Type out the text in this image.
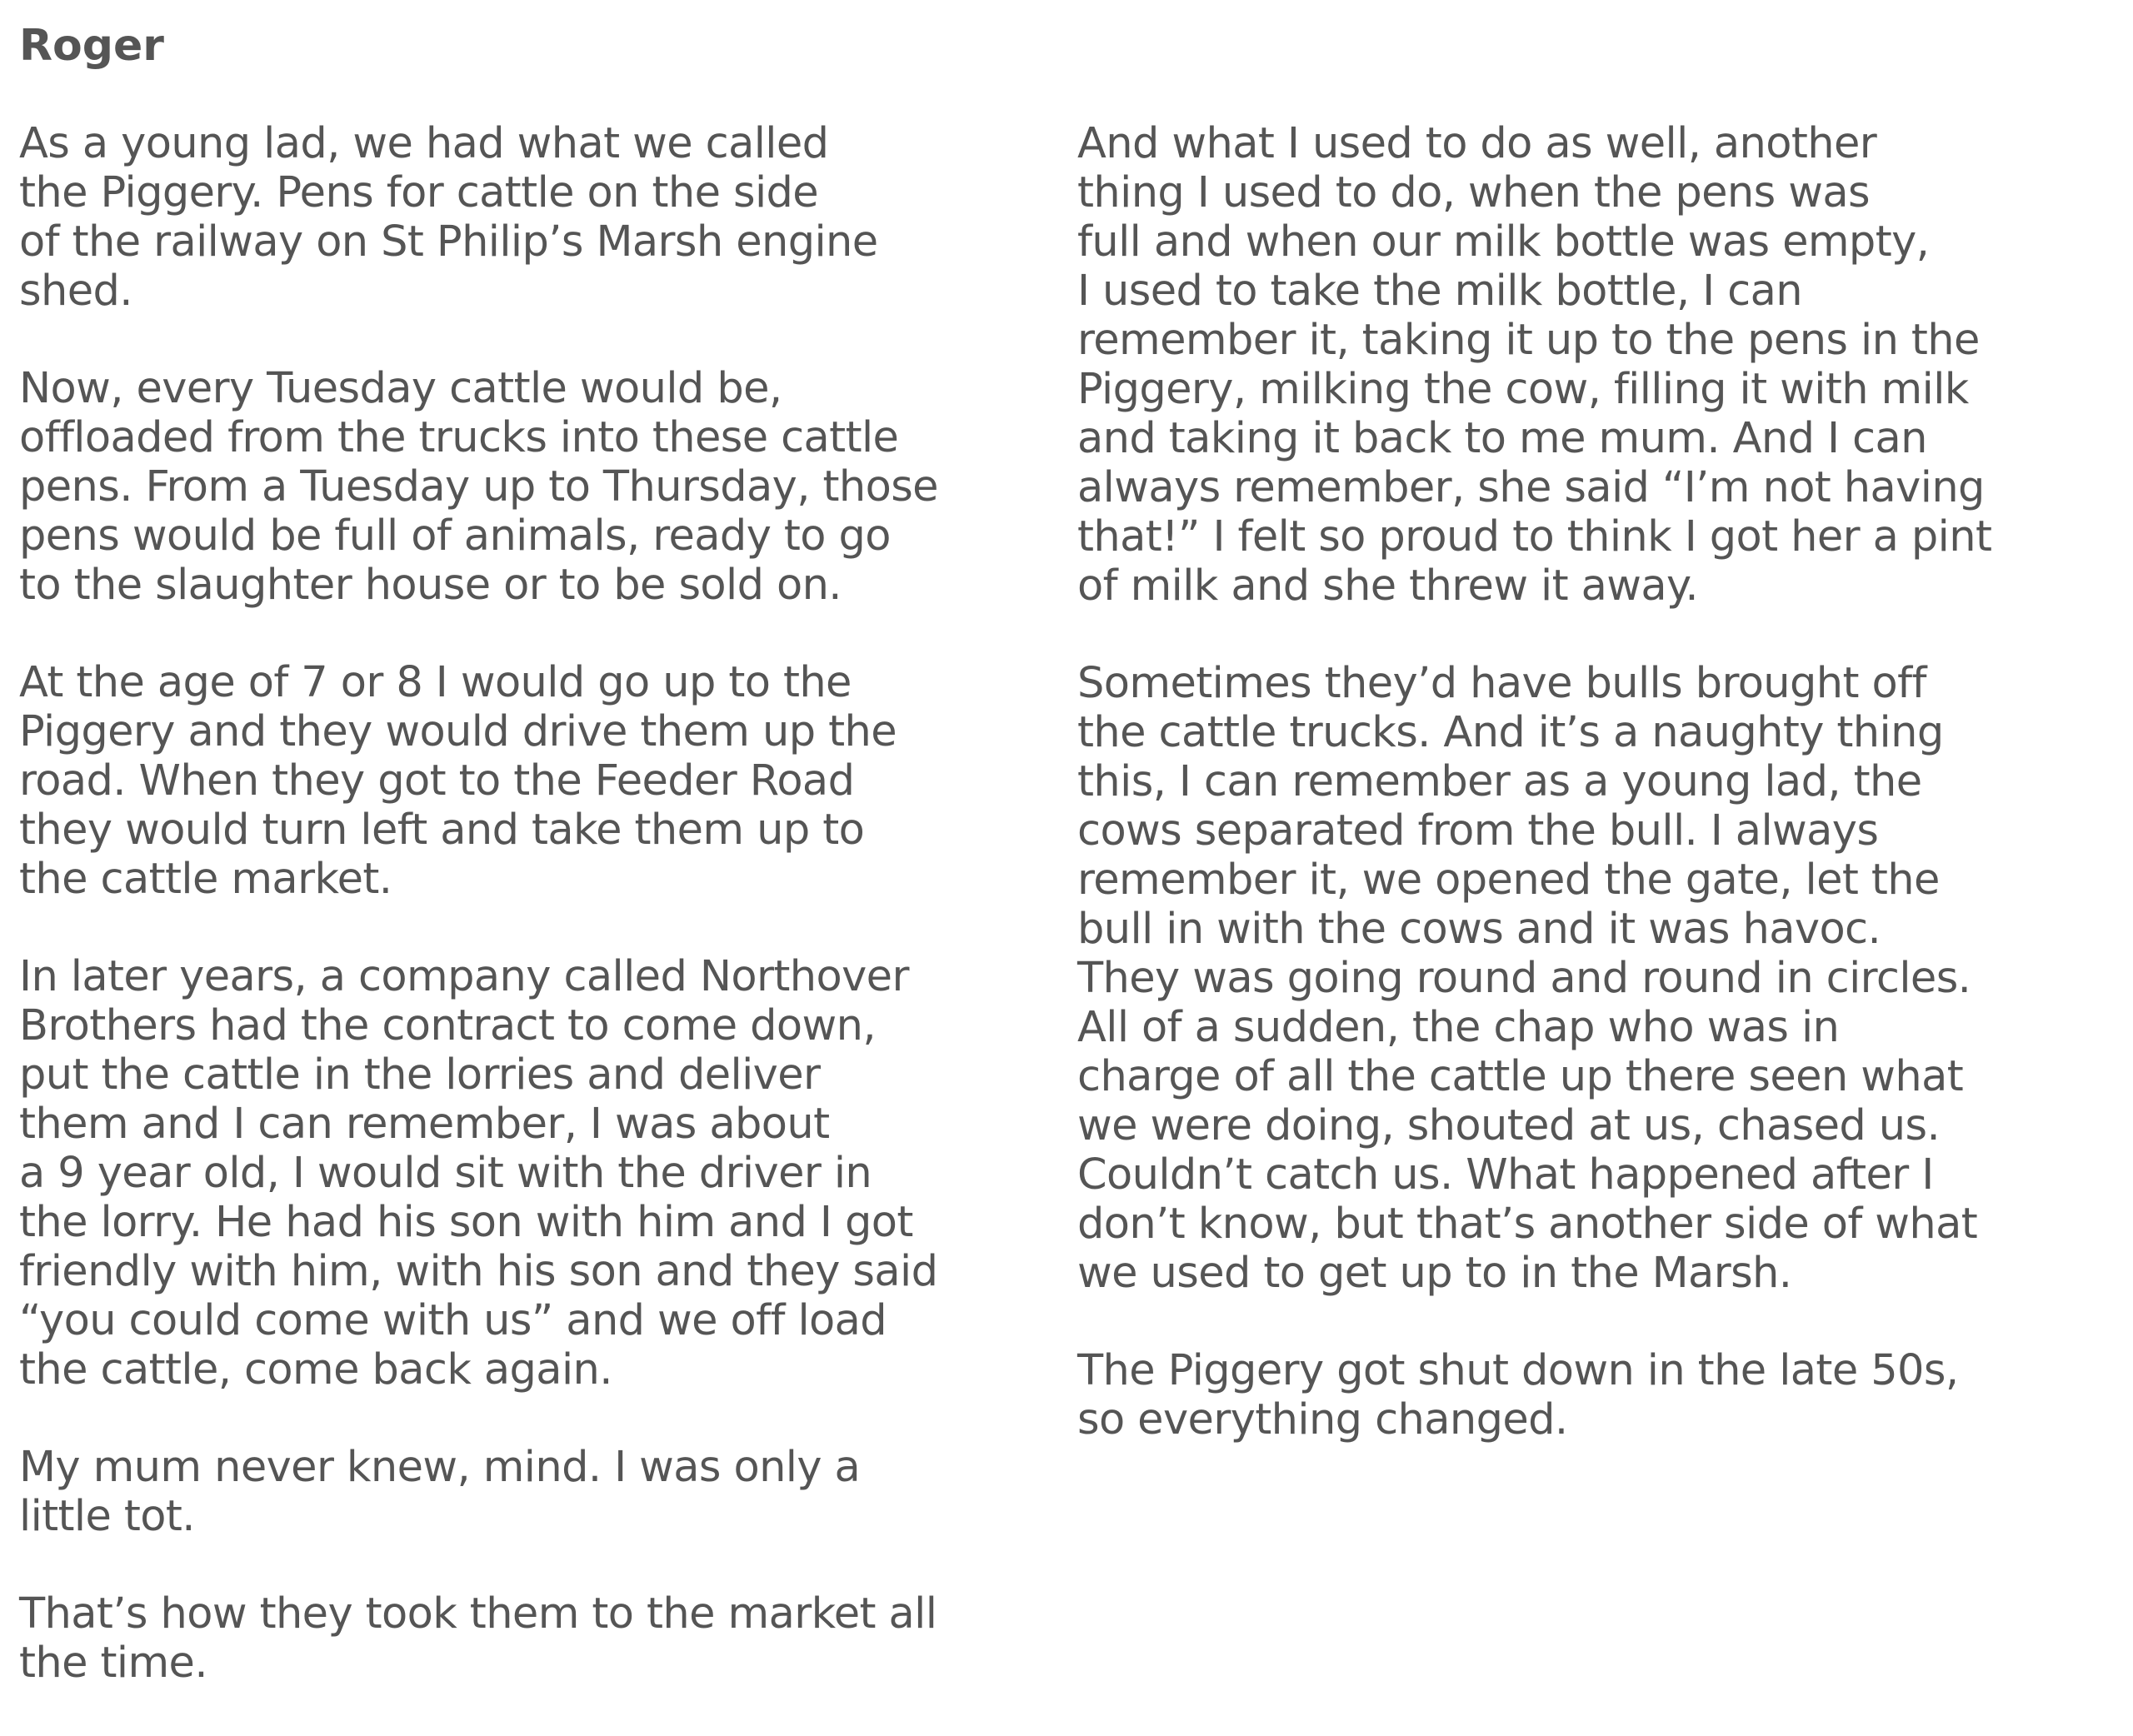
Roger

As a young lad, we had what we called
the Piggery. Pens for cattle on the side
of the railway on St Philip’s Marsh engine
shed.

Now, every Tuesday cattle would be,
offloaded from the trucks into these cattle
pens. From a Tuesday up to Thursday, those
pens would be full of animals, ready to go
to the slaughter house or to be sold on.

At the age of 7 or 8 I would go up to the
Piggery and they would drive them up the
road. When they got to the Feeder Road
they would turn left and take them up to
the cattle market.

In later years, a company called Northover
Brothers had the contract to come down,
put the cattle in the lorries and deliver
them and I can remember, I was about
a 9 year old, I would sit with the driver in
the lorry. He had his son with him and I got
friendly with him, with his son and they said
“you could come with us” and we off load
the cattle, come back again.

My mum never knew, mind. I was only a
little tot.

That’s how they took them to the market all
the time.

And what I used to do as well, another
thing I used to do, when the pens was
full and when our milk bottle was empty,
I used to take the milk bottle, I can
remember it, taking it up to the pens in the
Piggery, milking the cow, filling it with milk
and taking it back to me mum. And I can
always remember, she said “I’m not having
that!” I felt so proud to think I got her a pint
of milk and she threw it away.

Sometimes they’d have bulls brought off
the cattle trucks. And it’s a naughty thing
this, I can remember as a young lad, the
cows separated from the bull. I always
remember it, we opened the gate, let the
bull in with the cows and it was havoc.
They was going round and round in circles.
All of a sudden, the chap who was in
charge of all the cattle up there seen what
we were doing, shouted at us, chased us.
Couldn’t catch us. What happened after I
don’t know, but that’s another side of what
we used to get up to in the Marsh.

The Piggery got shut down in the late 50s,
so everything changed.
